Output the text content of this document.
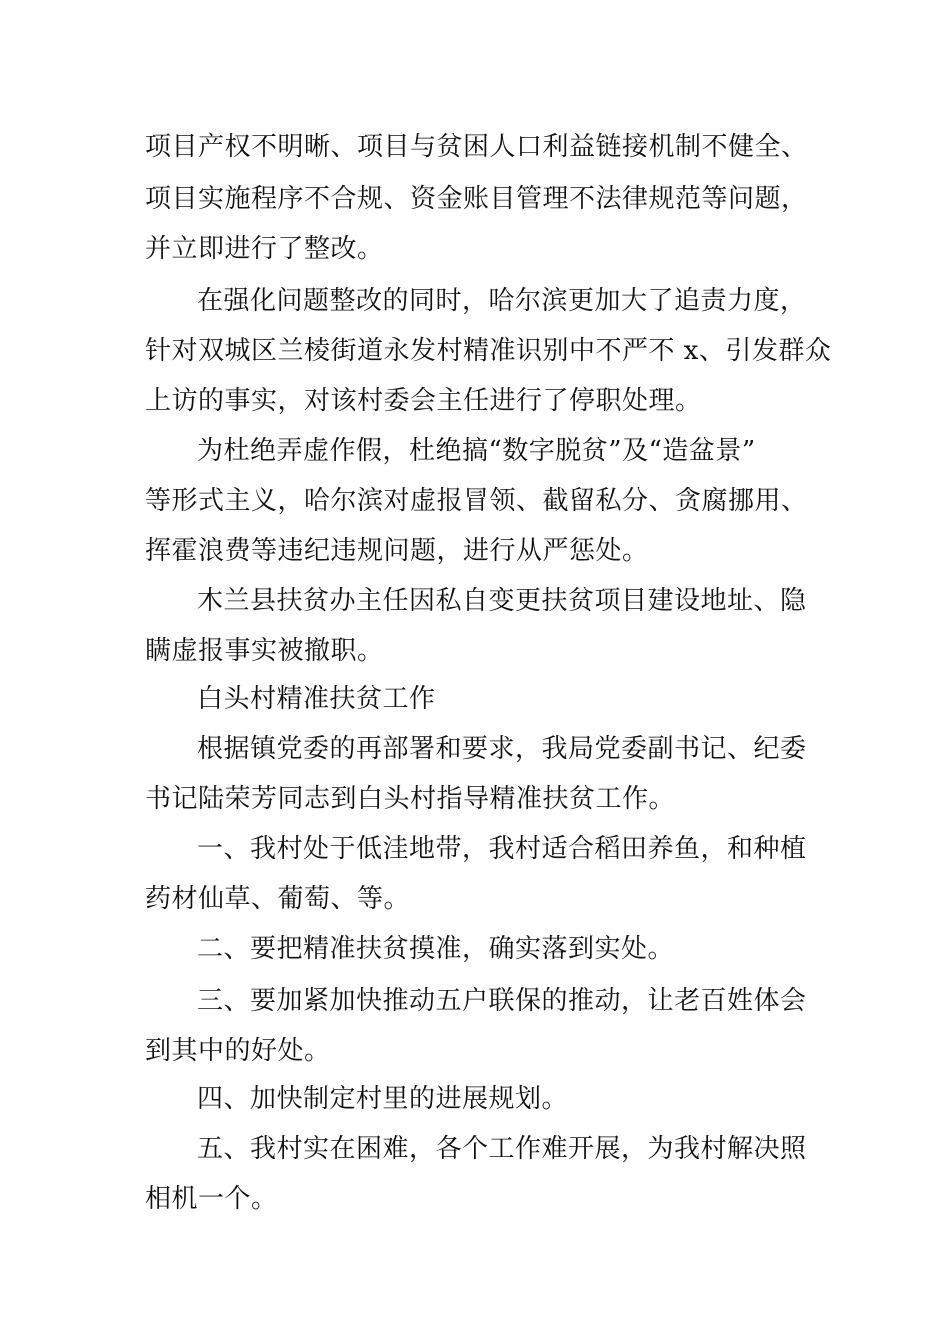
项目产权不明晰、项目与贫困人口利益链接机制不健全、
项目实施程序不合规、资金账目管理不法律规范等问题，
并立即进行了整改。
在强化问题整改的同时，哈尔滨更加大了追责力度，
针对双城区兰棱街道永发村精准识别中不严不 x、引发群众
上访的事实，对该村委会主任进行了停职处理。
为杜绝弄虚作假，杜绝搞“数字脱贫”及“造盆景”
等形式主义，哈尔滨对虚报冒领、截留私分、贪腐挪用、
挥霍浪费等违纪违规问题，进行从严惩处。
木兰县扶贫办主任因私自变更扶贫项目建设地址、隐
瞒虚报事实被撤职。
白头村精准扶贫工作
根据镇党委的再部署和要求，我局党委副书记、纪委
书记陆荣芳同志到白头村指导精准扶贫工作。
一、我村处于低洼地带，我村适合稻田养鱼，和种植
药材仙草、葡萄、等。
二、要把精准扶贫摸准，确实落到实处。
三、要加紧加快推动五户联保的推动，让老百姓体会
到其中的好处。
四、加快制定村里的进展规划。
五、我村实在困难，各个工作难开展，为我村解决照
相机一个。
